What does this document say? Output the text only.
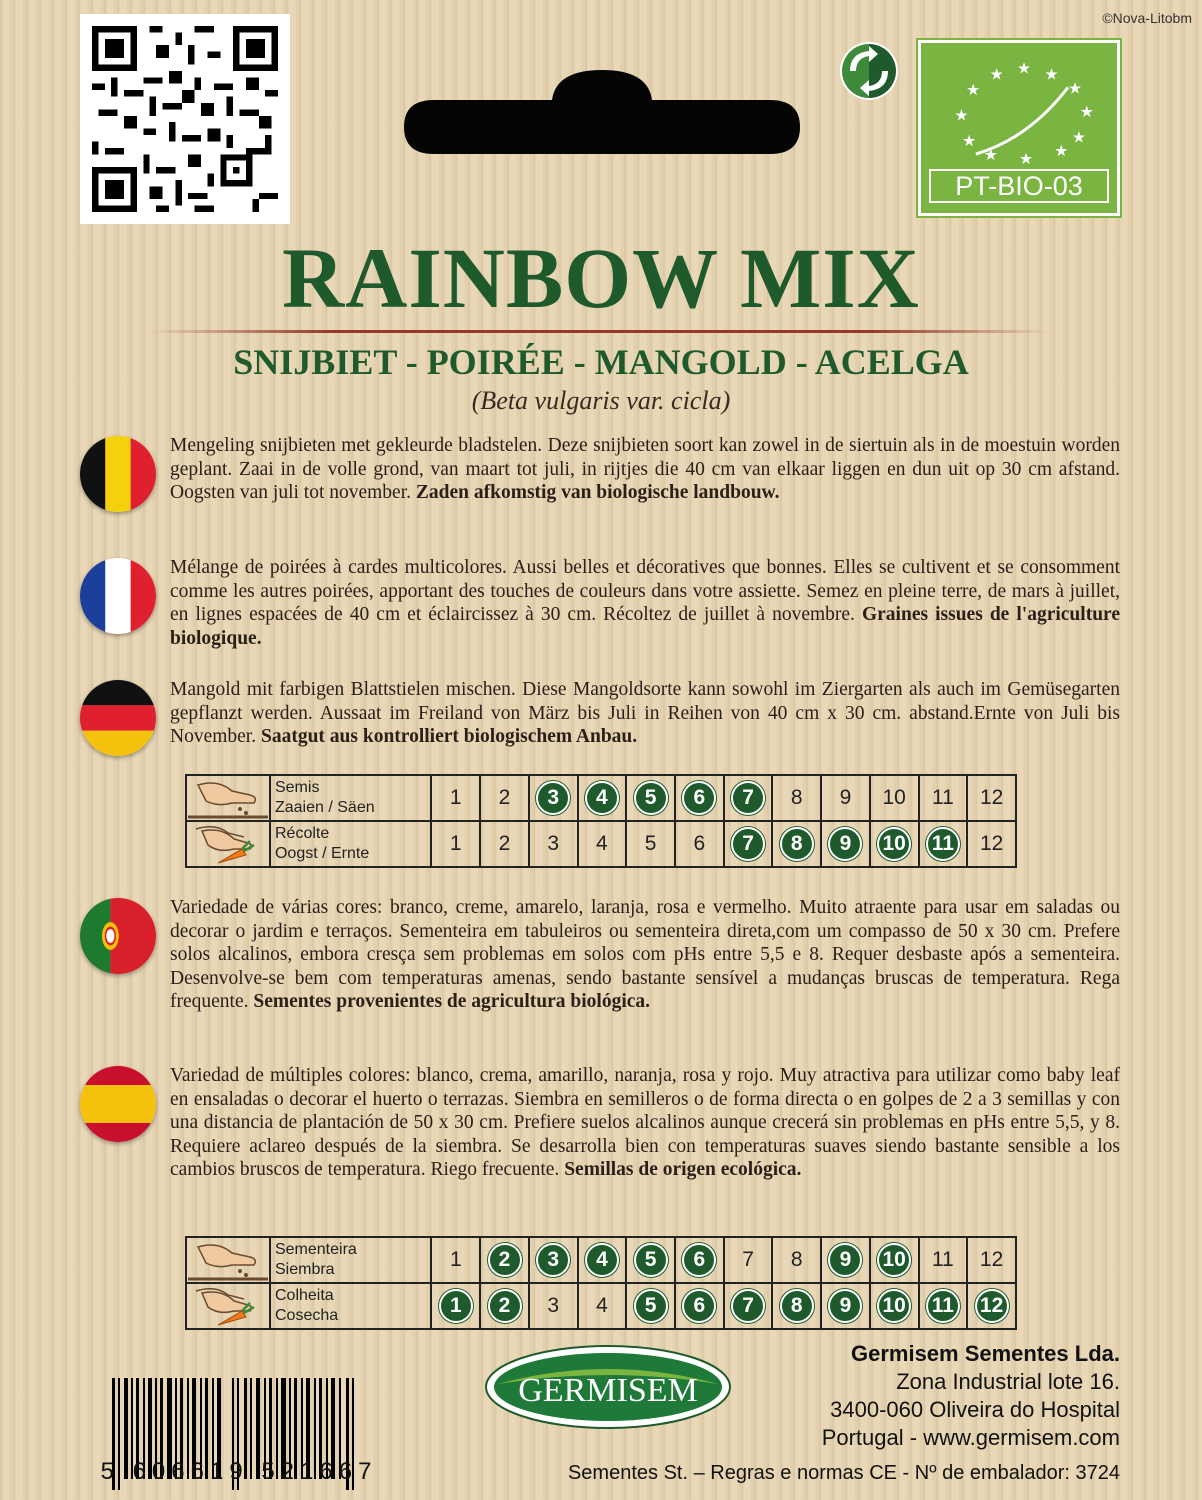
©Nova-Litobm
★ ★ ★
★
★
★
★
★
★
★
★ ★
PT-BIO-03
RAINBOW MIX
SNIJBIET - POIRÉE - MANGOLD - ACELGA
(Beta vulgaris var. cicla)
Mengeling snijbieten met gekleurde bladstelen. Deze snijbieten soort kan zowel in de siertuin als in de moestuin worden geplant. Zaai in de volle grond, van maart tot juli, in rijtjes die 40 cm van elkaar liggen en dun uit op 30 cm afstand. Oogsten van juli tot november. Zaden afkomstig van biologische landbouw.
Mélange de poirées à cardes multicolores. Aussi belles et décoratives que bonnes. Elles se cultivent et se consomment comme les autres poirées, apportant des touches de couleurs dans votre assiette. Semez en pleine terre, de mars à juillet, en lignes espacées de 40 cm et éclaircissez à 30 cm. Récoltez de juillet à novembre. Graines issues de l'agriculture biologique.
Mangold mit farbigen Blattstielen mischen. Diese Mangoldsorte kann sowohl im Ziergarten als auch im Gemüsegarten gepflanzt werden. Aussaat im Freiland von März bis Juli in Reihen von 40 cm x 30 cm. abstand.Ernte von Juli bis November. Saatgut aus kontrolliert biologischem Anbau.
	Semis
Zaaien / Säen	1	2	3	4	5	6	7	8	9	10	11	12

	Récolte
Oogst / Ernte	1	2	3	4	5	6	7	8	9	10	11	12
Variedade de várias cores: branco, creme, amarelo, laranja, rosa e vermelho. Muito atraente para usar em saladas ou decorar o jardim e terraços. Sementeira em tabuleiros ou sementeira direta,com um compasso de 50 x 30 cm. Prefere solos alcalinos, embora cresça sem problemas em solos com pHs entre 5,5 e 8. Requer desbaste após a sementeira. Desenvolve-se bem com temperaturas amenas, sendo bastante sensível a mudanças bruscas de temperatura. Rega frequente. Sementes provenientes de agricultura biológica.
Variedad de múltiples colores: blanco, crema, amarillo, naranja, rosa y rojo. Muy atractiva para utilizar como baby leaf en ensaladas o decorar el huerto o terrazas. Siembra en semilleros o de forma directa o en golpes de 2 a 3 semillas y con una distancia de plantación de 50 x 30 cm. Prefiere suelos alcalinos aunque crecerá sin problemas en pHs entre 5,5, y 8. Requiere aclareo después de la siembra. Se desarrolla bien con temperaturas suaves siendo bastante sensible a los cambios bruscos de temperatura. Riego frecuente. Semillas de origen ecológica.
	Sementeira
Siembra	1	2	3	4	5	6	7	8	9	10	11	12

	Colheita
Cosecha	1	2	3	4	5	6	7	8	9	10	11	12
GERMISEM
Germisem Sementes Lda.
Zona Industrial lote 16.
3400-060 Oliveira do Hospital
Portugal - www.germisem.com
5 606619 521667	Sementes St. – Regras e normas CE - Nº de embalador: 3724
